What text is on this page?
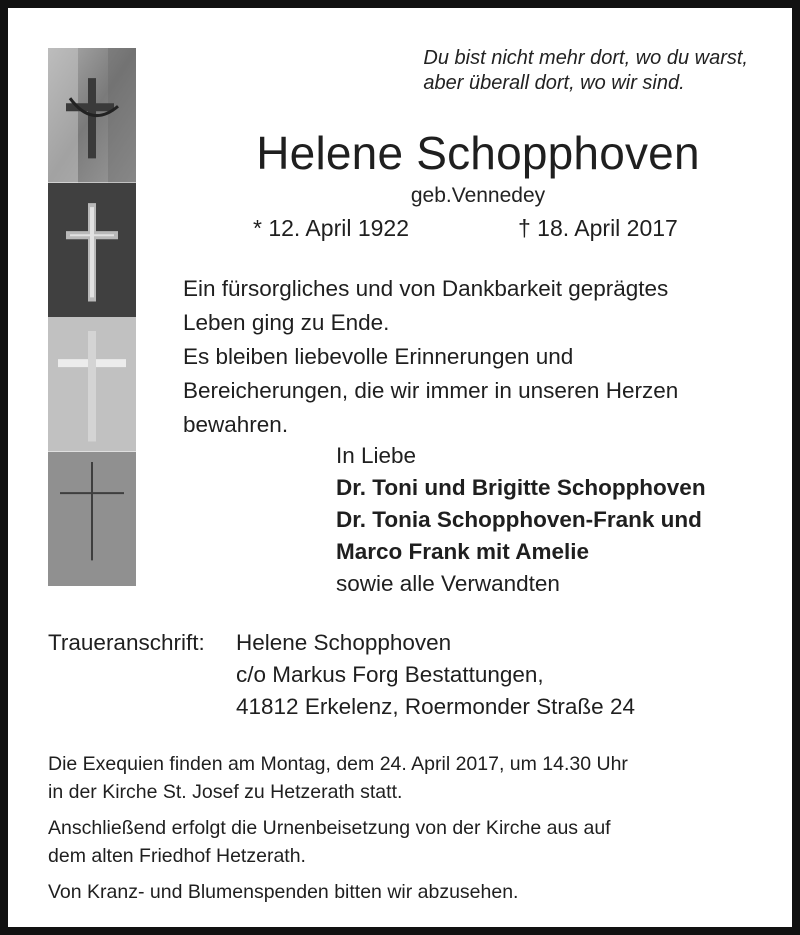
Du bist nicht mehr dort, wo du warst,
aber überall dort, wo wir sind.
Helene Schopphoven
geb.Vennedey
* 12. April 1922	† 18. April 2017
Ein fürsorgliches und von Dankbarkeit geprägtes
Leben ging zu Ende.
Es bleiben liebevolle Erinnerungen und
Bereicherungen, die wir immer in unseren Herzen
bewahren.
In Liebe
Dr. Toni und Brigitte Schopphoven
Dr. Tonia Schopphoven-Frank und
Marco Frank mit Amelie
sowie alle Verwandten
Traueranschrift: Helene Schopphoven
c/o Markus Forg Bestattungen,
41812 Erkelenz, Roermonder Straße 24

Die Exequien finden am Montag, dem 24. April 2017, um 14.30 Uhr
in der Kirche St. Josef zu Hetzerath statt.

Anschließend erfolgt die Urnenbeisetzung von der Kirche aus auf
dem alten Friedhof Hetzerath.

Von Kranz- und Blumenspenden bitten wir abzusehen.
